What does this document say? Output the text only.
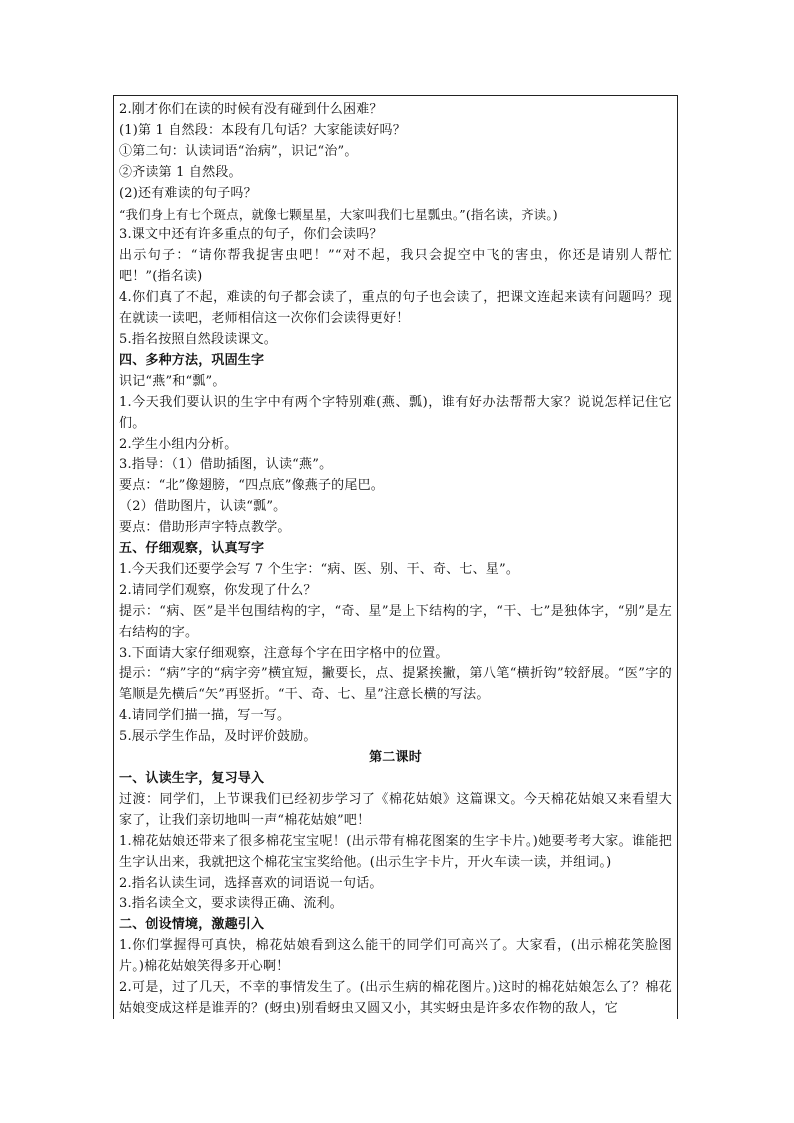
2.刚才你们在读的时候有没有碰到什么困难？
(1)第 1 自然段：本段有几句话？大家能读好吗？
①第二句：认读词语“治病”，识记“治”。
②齐读第 1 自然段。
(2)还有难读的句子吗？
“我们身上有七个斑点，就像七颗星星，大家叫我们七星瓢虫。”(指名读，齐读。)
3.课文中还有许多重点的句子，你们会读吗？
出示句子：“请你帮我捉害虫吧！”“对不起，我只会捉空中飞的害虫，你还是请别人帮忙吧！”(指名读)
4.你们真了不起，难读的句子都会读了，重点的句子也会读了，把课文连起来读有问题吗？现在就读一读吧，老师相信这一次你们会读得更好！
5.指名按照自然段读课文。
四、多种方法，巩固生字
识记“燕”和“瓢”。
1.今天我们要认识的生字中有两个字特别难(燕、瓢)，谁有好办法帮帮大家？说说怎样记住它们。
2.学生小组内分析。
3.指导：（1）借助插图，认读“燕”。
要点：“北”像翅膀，“四点底”像燕子的尾巴。
（2）借助图片，认读“瓢”。
要点：借助形声字特点教学。
五、仔细观察，认真写字
1.今天我们还要学会写 7 个生字：“病、医、别、干、奇、七、星”。
2.请同学们观察，你发现了什么？
提示：“病、医”是半包围结构的字，“奇、星”是上下结构的字，“干、七”是独体字，“别”是左右结构的字。
3.下面请大家仔细观察，注意每个字在田字格中的位置。
提示：“病”字的“病字旁”横宜短，撇要长，点、提紧挨撇，第八笔“横折钩”较舒展。“医”字的笔顺是先横后“矢”再竖折。“干、奇、七、星”注意长横的写法。
4.请同学们描一描，写一写。
5.展示学生作品，及时评价鼓励。
第二课时
一、认读生字，复习导入
过渡：同学们，上节课我们已经初步学习了《棉花姑娘》这篇课文。今天棉花姑娘又来看望大家了，让我们亲切地叫一声“棉花姑娘”吧！
1.棉花姑娘还带来了很多棉花宝宝呢！(出示带有棉花图案的生字卡片。)她要考考大家。谁能把生字认出来，我就把这个棉花宝宝奖给他。(出示生字卡片，开火车读一读，并组词。)
2.指名认读生词，选择喜欢的词语说一句话。
3.指名读全文，要求读得正确、流利。
二、创设情境，激趣引入
1.你们掌握得可真快，棉花姑娘看到这么能干的同学们可高兴了。大家看，(出示棉花笑脸图片。)棉花姑娘笑得多开心啊！
2.可是，过了几天，不幸的事情发生了。(出示生病的棉花图片。)这时的棉花姑娘怎么了？棉花姑娘变成这样是谁弄的？(蚜虫)别看蚜虫又圆又小，其实蚜虫是许多农作物的敌人，它
